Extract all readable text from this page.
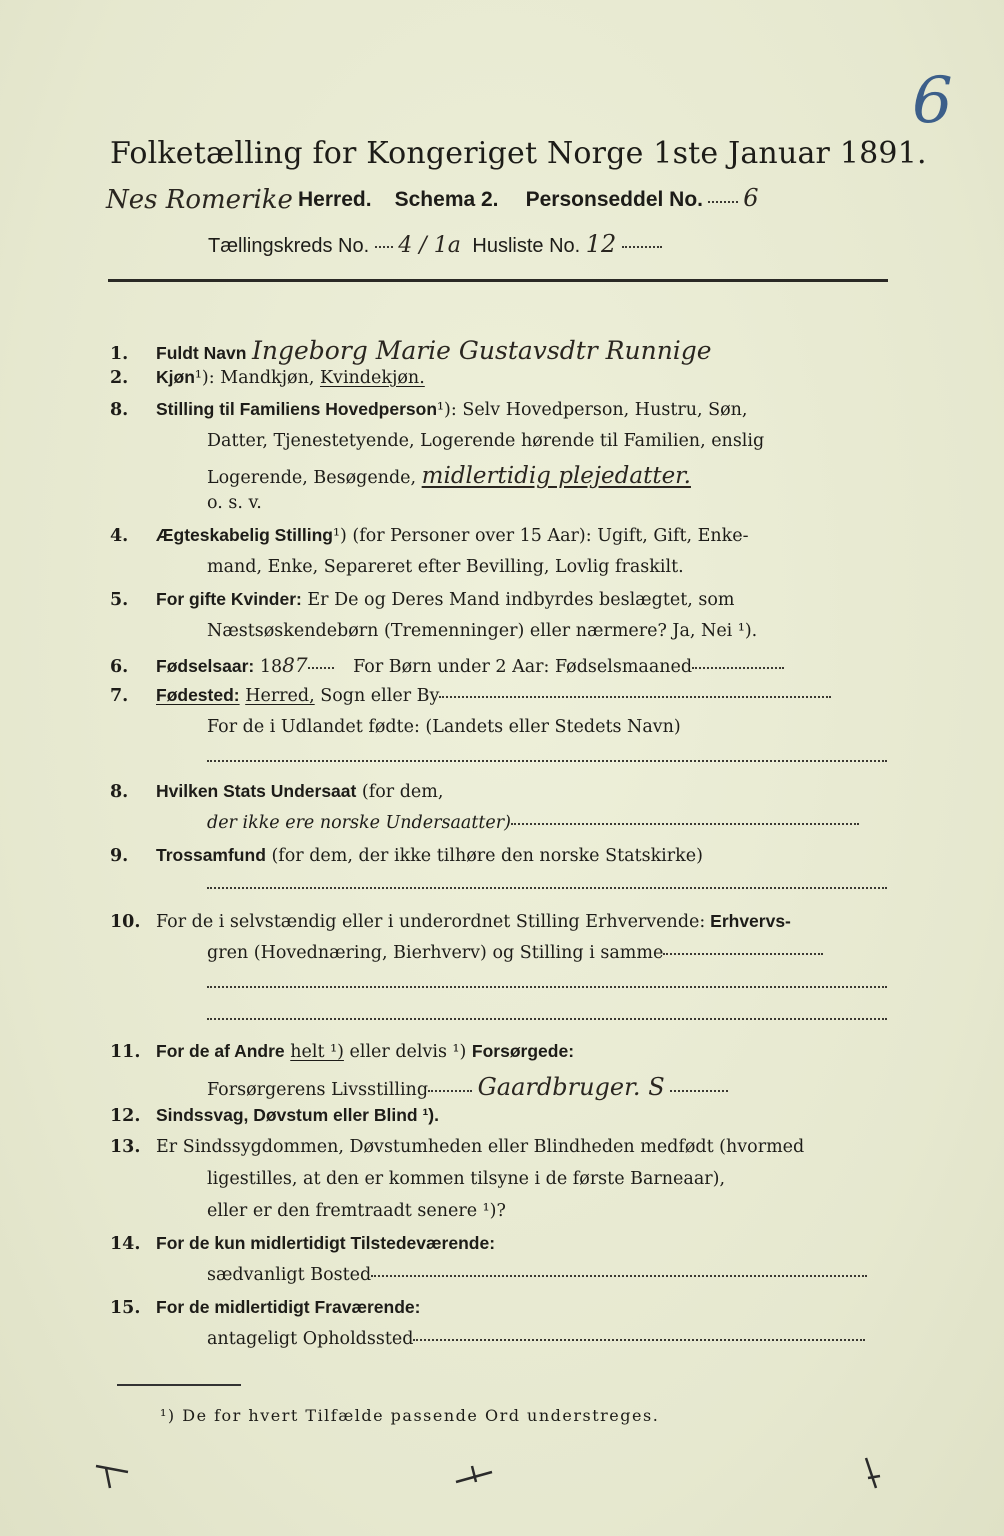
6
Folketælling for Kongeriget Norge 1ste Januar 1891.
Nes Romerike Herred. Schema 2. Personseddel No. 6
Tællingskreds No. 4 / 1a Husliste No. 12
1. Fuldt Navn Ingeborg Marie Gustavsdtr Runnige
2. Kjøn¹): Mandkjøn, Kvindekjøn.
8. Stilling til Familiens Hovedperson¹): Selv Hovedperson, Hustru, Søn,
Datter, Tjenestetyende, Logerende hørende til Familien, enslig
Logerende, Besøgende, midlertidig plejedatter.
o. s. v.
4. Ægteskabelig Stilling¹) (for Personer over 15 Aar): Ugift, Gift, Enke-
mand, Enke, Separeret efter Bevilling, Lovlig fraskilt.
5. For gifte Kvinder: Er De og Deres Mand indbyrdes beslægtet, som
Næstsøskendebørn (Tremenninger) eller nærmere? Ja, Nei ¹).
6. Fødselsaar: 1887	For Børn under 2 Aar: Fødselsmaaned
7. Fødested: Herred, Sogn eller By
For de i Udlandet fødte: (Landets eller Stedets Navn)
8. Hvilken Stats Undersaat (for dem,
der ikke ere norske Undersaatter)
9. Trossamfund (for dem, der ikke tilhøre den norske Statskirke)
10. For de i selvstændig eller i underordnet Stilling Erhvervende: Erhvervs-
gren (Hovednæring, Bierhverv) og Stilling i samme
11. For de af Andre helt ¹) eller delvis ¹) Forsørgede:
Forsørgerens Livsstilling Gaardbruger. S
12. Sindssvag, Døvstum eller Blind ¹).
13. Er Sindssygdommen, Døvstumheden eller Blindheden medfødt (hvormed
ligestilles, at den er kommen tilsyne i de første Barneaar),
eller er den fremtraadt senere ¹)?
14. For de kun midlertidigt Tilstedeværende:
sædvanligt Bosted
15. For de midlertidigt Fraværende:
antageligt Opholdssted
¹) De for hvert Tilfælde passende Ord understreges.
